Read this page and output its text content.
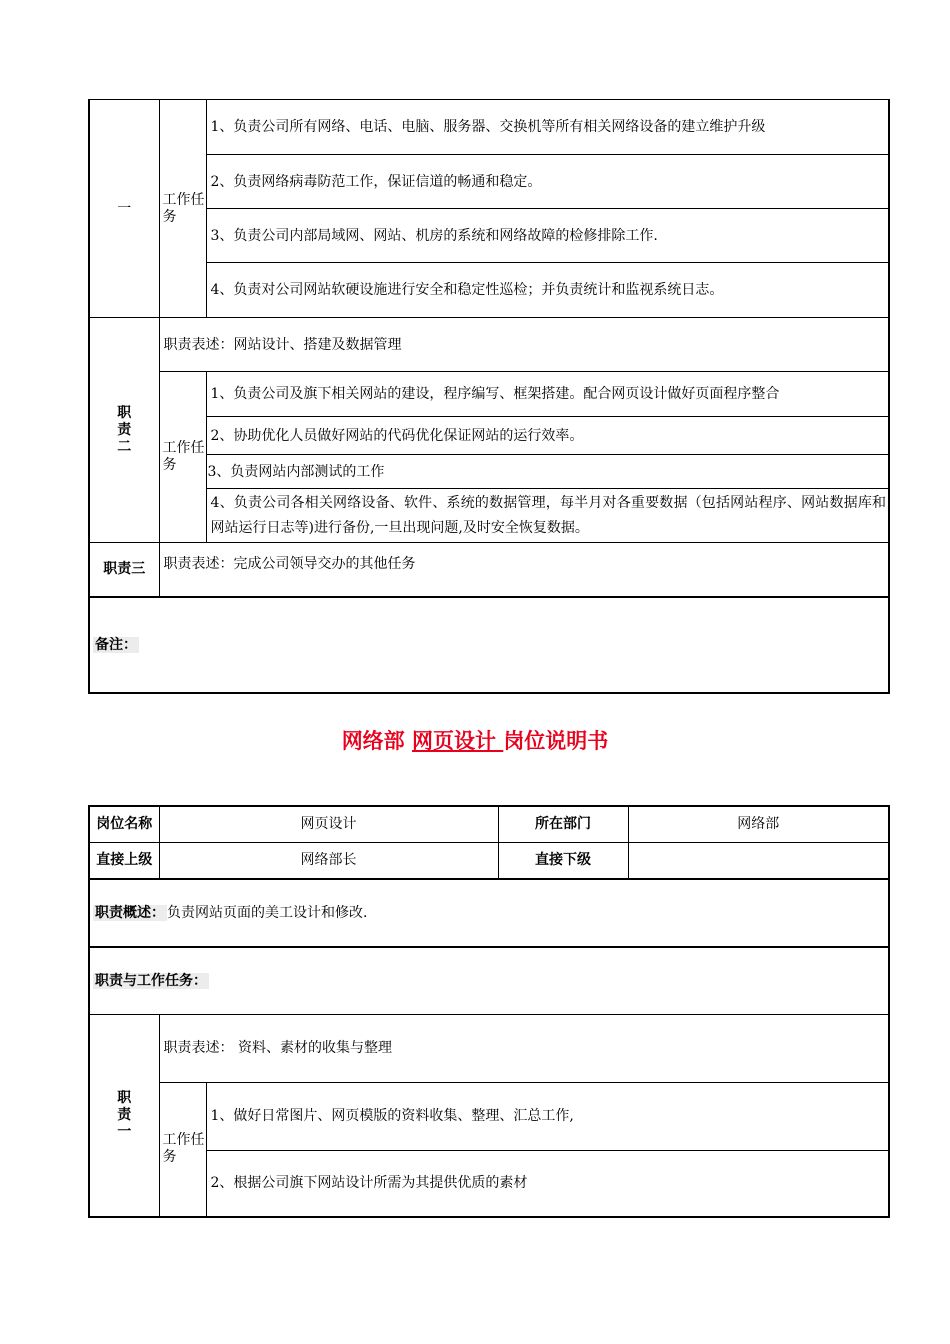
一	工作任务	1、负责公司所有网络、电话、电脑、服务器、交换机等所有相关网络设备的建立维护升级
		2、负责网络病毒防范工作，保证信道的畅通和稳定。
		3、负责公司内部局域网、网站、机房的系统和网络故障的检修排除工作.
		4、负责对公司网站软硬设施进行安全和稳定性巡检；并负责统计和监视系统日志。

职责二	职责表述：网站设计、搭建及数据管理	
	工作任务	1、负责公司及旗下相关网站的建设，程序编写、框架搭建。配合网页设计做好页面程序整合
		2、协助优化人员做好网站的代码优化保证网站的运行效率。
		3、负责网站内部测试的工作
		4、负责公司各相关网络设备、软件、系统的数据管理，每半月对各重要数据（包括网站程序、网站数据库和网站运行日志等)进行备份,一旦出现问题,及时安全恢复数据。
职责三	职责表述：完成公司领导交办的其他任务	
备注：		
网络部 网页设计 岗位说明书
岗位名称	网页设计		所在部门	网络部
直接上级	网络部长		直接下级	
职责概述： 负责网站页面的美工设计和修改.				
职责与工作任务：				

职责一	职责表述： 资料、素材的收集与整理			
	工作任务	1、做好日常图片、网页模版的资料收集、整理、汇总工作,		
		2、根据公司旗下网站设计所需为其提供优质的素材		
